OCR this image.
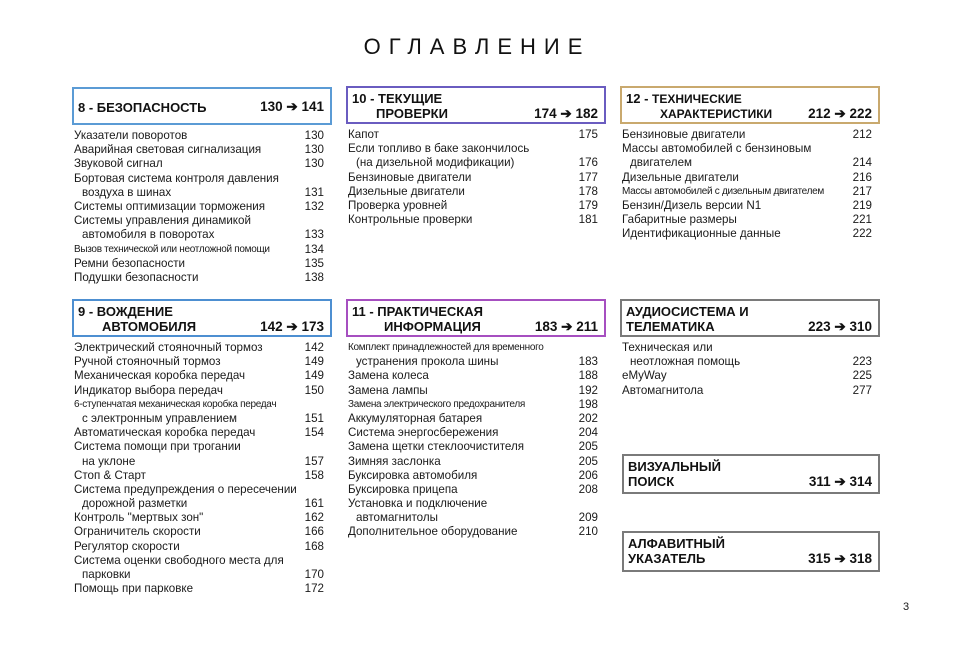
ОГЛАВЛЕНИЕ
8 - БЕЗОПАСНОСТЬ	130 ➔ 141
Указатели поворотов	130
Аварийная световая сигнализация	130
Звуковой сигнал	130
Бортовая система контроля давления
воздуха в шинах	131
Системы оптимизации торможения	132
Системы управления динамикой
автомобиля в поворотах	133
Вызов технической или неотложной помощи	134
Ремни безопасности	135
Подушки безопасности	138
9 - ВОЖДЕНИЕ
АВТОМОБИЛЯ	142 ➔ 173
Электрический стояночный тормоз	142
Ручной стояночный тормоз	149
Механическая коробка передач	149
Индикатор выбора передач	150
6-ступенчатая механическая коробка передач
с электронным управлением	151
Автоматическая коробка передач	154
Система помощи при трогании
на уклоне	157
Стоп & Старт	158
Система предупреждения о пересечении
дорожной разметки	161
Контроль "мертвых зон"	162
Ограничитель скорости	166
Регулятор скорости	168
Система оценки свободного места для
парковки	170
Помощь при парковке	172
10 - ТЕКУЩИЕ
ПРОВЕРКИ	174 ➔ 182
Капот	175
Если топливо в баке закончилось
(на дизельной модификации)	176
Бензиновые двигатели	177
Дизельные двигатели	178
Проверка уровней	179
Контрольные проверки	181
11 - ПРАКТИЧЕСКАЯ
ИНФОРМАЦИЯ	183 ➔ 211
Комплект принадлежностей для временного
устранения прокола шины	183
Замена колеса	188
Замена лампы	192
Замена электрического предохранителя	198
Аккумуляторная батарея	202
Система энергосбережения	204
Замена щетки стеклоочистителя	205
Зимняя заслонка	205
Буксировка автомобиля	206
Буксировка прицепа	208
Установка и подключение
автомагнитолы	209
Дополнительное оборудование	210
12 - ТЕХНИЧЕСКИЕ
ХАРАКТЕРИСТИКИ	212 ➔ 222
Бензиновые двигатели	212
Массы автомобилей с бензиновым
двигателем	214
Дизельные двигатели	216
Массы автомобилей с дизельным двигателем 217
Бензин/Дизель версии N1	219
Габаритные размеры	221
Идентификационные данные	222
АУДИОСИСТЕМА И
ТЕЛЕМАТИКА	223 ➔ 310
Техническая или
неотложная помощь	223
eMyWay	225
Автомагнитола	277
ВИЗУАЛЬНЫЙ
ПОИСК	311 ➔ 314
АЛФАВИТНЫЙ
УКАЗАТЕЛЬ	315 ➔ 318
3
